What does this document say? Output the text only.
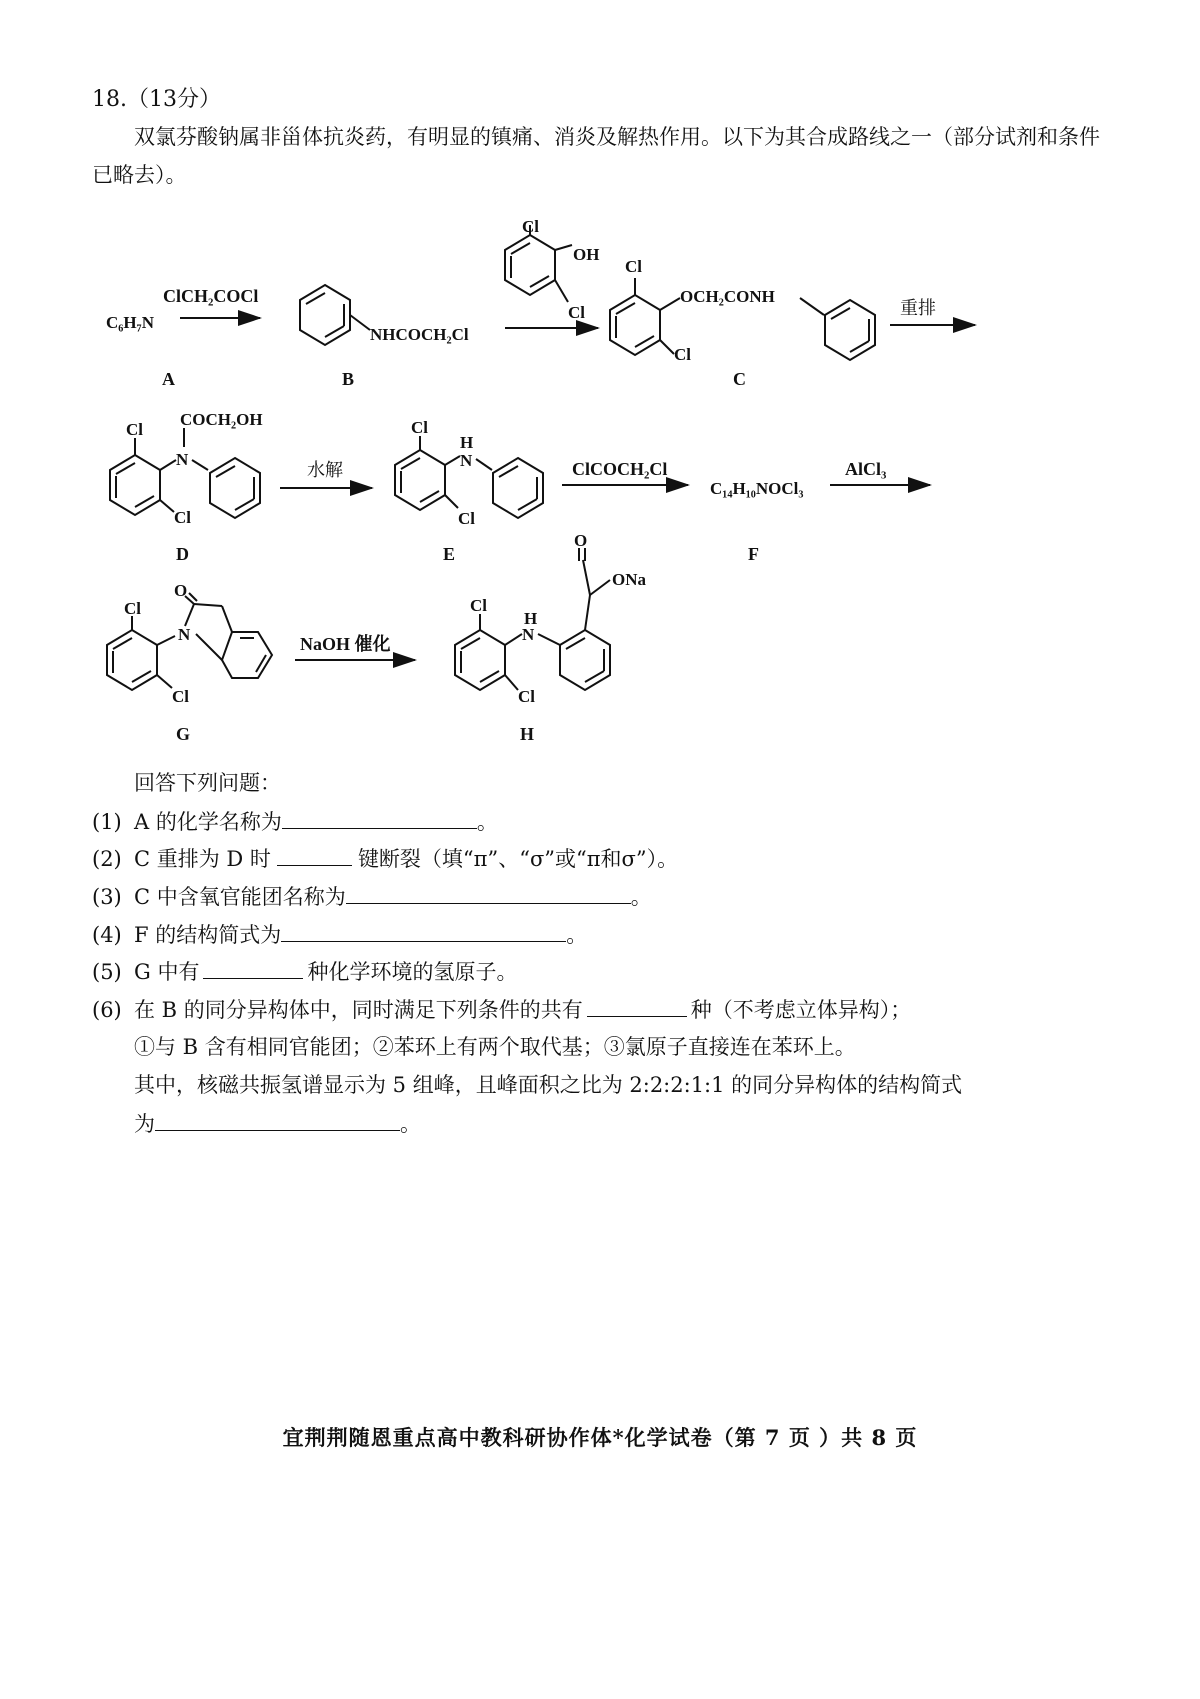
18.（13分）
双氯芬酸钠属非甾体抗炎药，有明显的镇痛、消炎及解热作用。以下为其合成路线之一（部分试剂和条件已略去）。
ClCH₂COCl
C₆H₇N
NHCOCH₂Cl
Cl
OH
Cl
Cl
OCH₂CONH
Cl
重排
A	B	C
Cl
COCH₂OH
N
Cl
水解
Cl
H
N
Cl
ClCOCH₂Cl
C₁₄H₁₀NOCl₃
AlCl₃
D	E	F
Cl
O
N
Cl
NaOH 催化
Cl
H
N
Cl
O
ONa
G	H
回答下列问题：
(1) A 的化学名称为	。
(2) C 重排为 D 时	键断裂（填“π”、“σ”或“π和σ”）。
(3) C 中含氧官能团名称为	。
(4) F 的结构简式为	。
(5) G 中有	种化学环境的氢原子。
(6) 在 B 的同分异构体中，同时满足下列条件的共有	种（不考虑立体异构）；
①与 B 含有相同官能团；②苯环上有两个取代基；③氯原子直接连在苯环上。
其中，核磁共振氢谱显示为 5 组峰，且峰面积之比为 2:2:2:1:1 的同分异构体的结构简式
为	。
宜荆荆随恩重点高中教科研协作体*化学试卷（第 7 页 ）共 8 页
